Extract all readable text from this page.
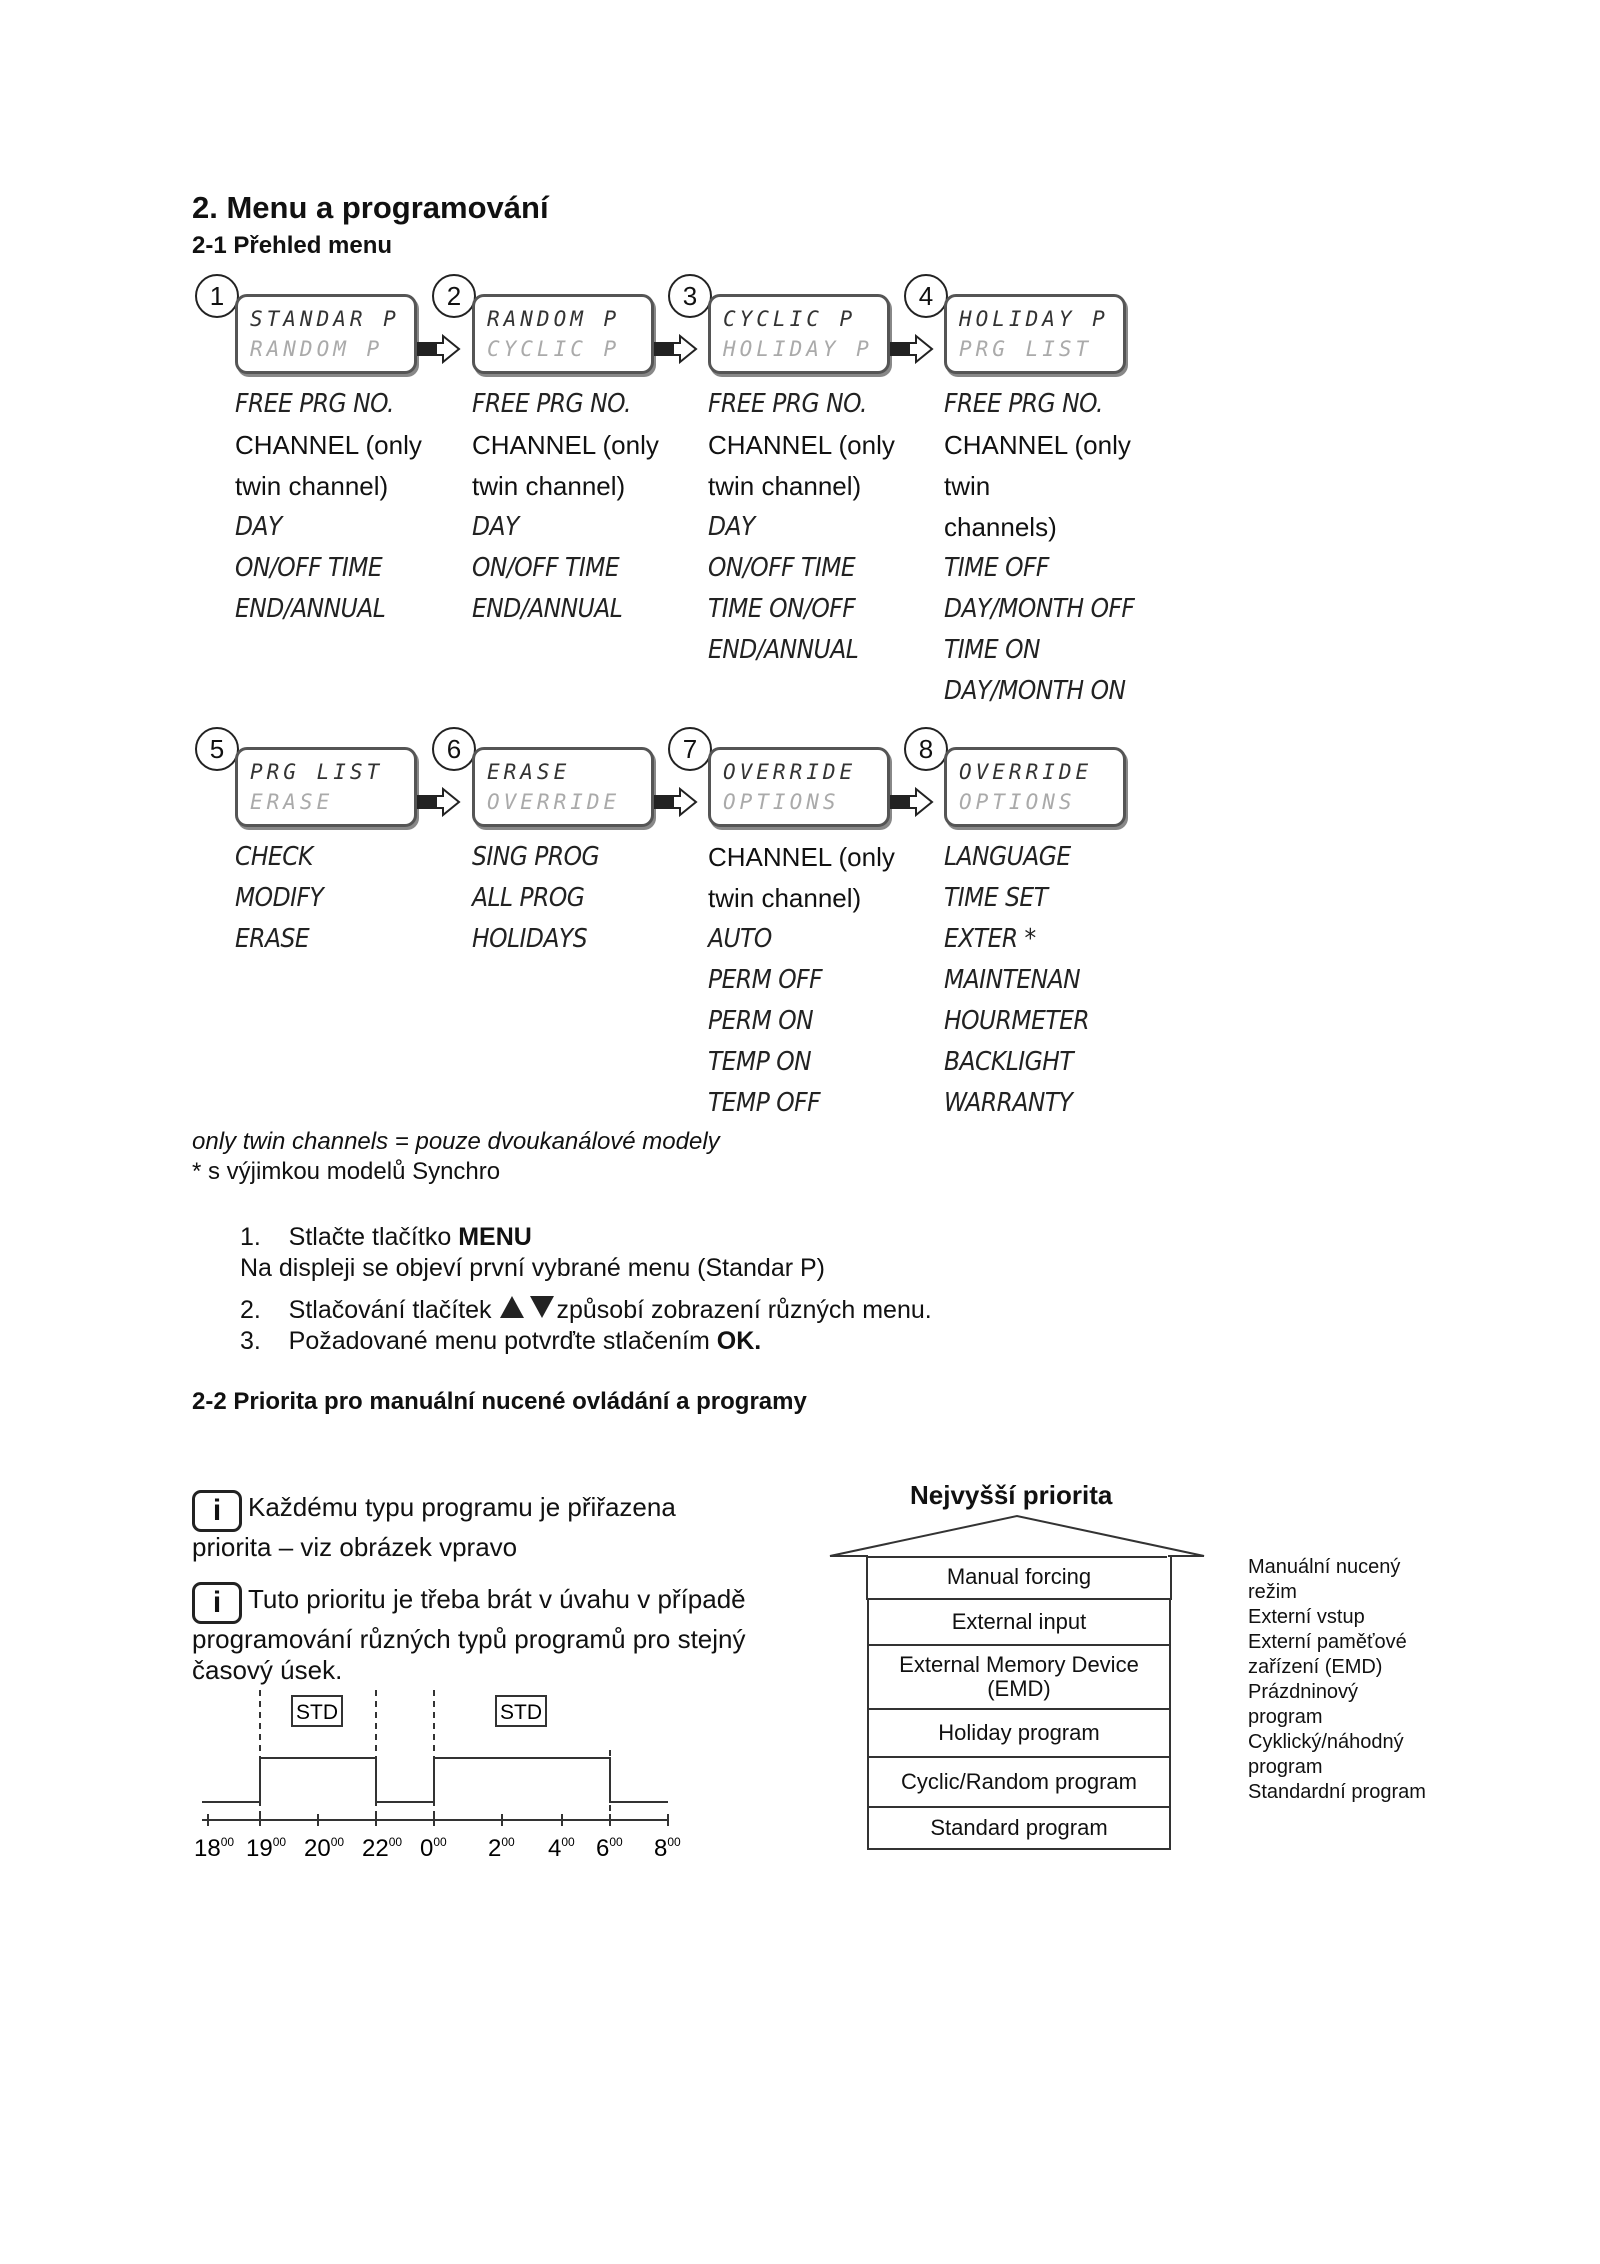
2. Menu a programování
2-1 Přehled menu
1
STANDAR P
RANDOM P
FREE PRG NO.
CHANNEL (only
twin channel)
DAY
ON/OFF TIME
END/ANNUAL
2
RANDOM P
CYCLIC P
FREE PRG NO.
CHANNEL (only
twin channel)
DAY
ON/OFF TIME
END/ANNUAL
3
CYCLIC P
HOLIDAY P
FREE PRG NO.
CHANNEL (only
twin channel)
DAY
ON/OFF TIME
TIME ON/OFF
END/ANNUAL
4
HOLIDAY P
PRG LIST
FREE PRG NO.
CHANNEL (only twin
channels)
TIME OFF
DAY/MONTH OFF
TIME ON
DAY/MONTH ON
5
PRG LIST
ERASE
CHECK
MODIFY
ERASE
6
ERASE
OVERRIDE
SING PROG
ALL PROG
HOLIDAYS
7
OVERRIDE
OPTIONS
CHANNEL (only
twin channel)
AUTO
PERM OFF
PERM ON
TEMP ON
TEMP OFF
8
OVERRIDE
OPTIONS
LANGUAGE
TIME SET
EXTER *
MAINTENAN
HOURMETER
BACKLIGHT
WARRANTY
only twin channels = pouze dvoukanálové modely
* s výjimkou modelů Synchro
1. Stlačte tlačítko MENU
Na displeji se objeví první vybrané menu (Standar P)
2. Stlačování tlačítek způsobí zobrazení různých menu.
3. Požadované menu potvrďte stlačením OK.
2-2 Priorita pro manuální nucené ovládání a programy
i Každému typu programu je přiřazena priorita – viz obrázek vpravo
i Tuto prioritu je třeba brát v úvahu v případě programování různých typů programů pro stejný časový úsek.
STD	STD
$18^{00}$ $19^{00}$ $20^{00}$ $22^{00}$ $0^{00}$ $2^{00}$ $4^{00}$ $6^{00}$ $8^{00}$
Nejvyšší priorita
Manual forcing
External input
External Memory Device
(EMD)
Holiday program
Cyclic/Random program
Standard program
Manuální nucený režim
Externí vstup
Externí paměťové zařízení (EMD)
Prázdninový program
Cyklický/náhodný program
Standardní program
